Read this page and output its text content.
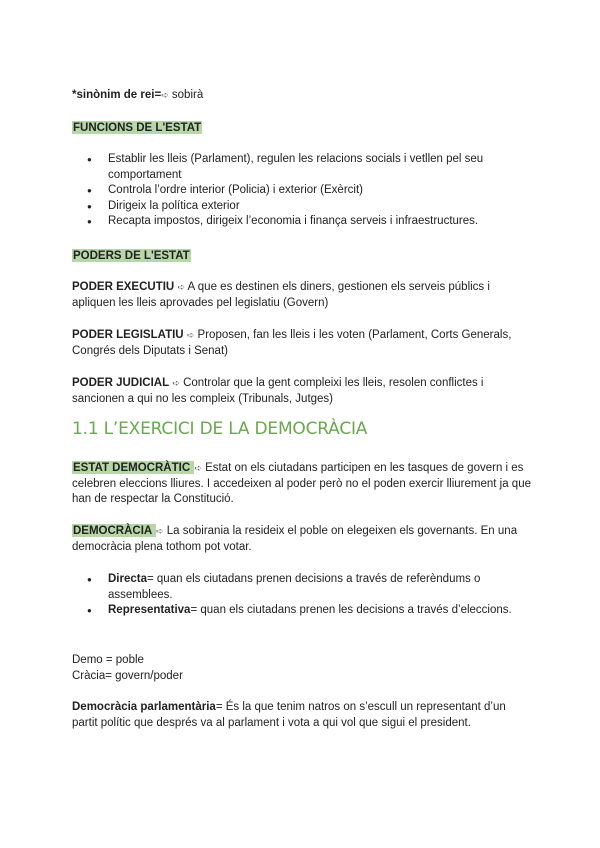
*sinònim de rei=➪ sobirà
FUNCIONS DE L'ESTAT
● Establir les lleis (Parlament), regulen les relacions socials i vetllen pel seu comportament
● Controla l’ordre interior (Policia) i exterior (Exèrcit)
● Dirigeix la política exterior
● Recapta impostos, dirigeix l’economia i finança serveis i infraestructures.
PODERS DE L'ESTAT
PODER EXECUTIU ➪ A que es destinen els diners, gestionen els serveis públics i apliquen les lleis aprovades pel legislatiu (Govern)
PODER LEGISLATIU ➪ Proposen, fan les lleis i les voten (Parlament, Corts Generals, Congrés dels Diputats i Senat)
PODER JUDICIAL ➪ Controlar que la gent compleixi les lleis, resolen conflictes i sancionen a qui no les compleix (Tribunals, Jutges)
1.1 L’EXERCICI DE LA DEMOCRÀCIA
ESTAT DEMOCRÀTIC ➪ Estat on els ciutadans participen en les tasques de govern i es celebren eleccions lliures. I accedeixen al poder però no el poden exercir lliurement ja que han de respectar la Constitució.
DEMOCRÀCIA ➪ La sobirania la resideix el poble on elegeixen els governants. En una democràcia plena tothom pot votar.
● Directa= quan els ciutadans prenen decisions a través de referèndums o assemblees.
● Representativa= quan els ciutadans prenen les decisions a través d’eleccions.
Demo = poble
Cràcia= govern/poder
Democràcia parlamentària= És la que tenim natros on s’escull un representant d’un partit polític que després va al parlament i vota a qui vol que sigui el president.
